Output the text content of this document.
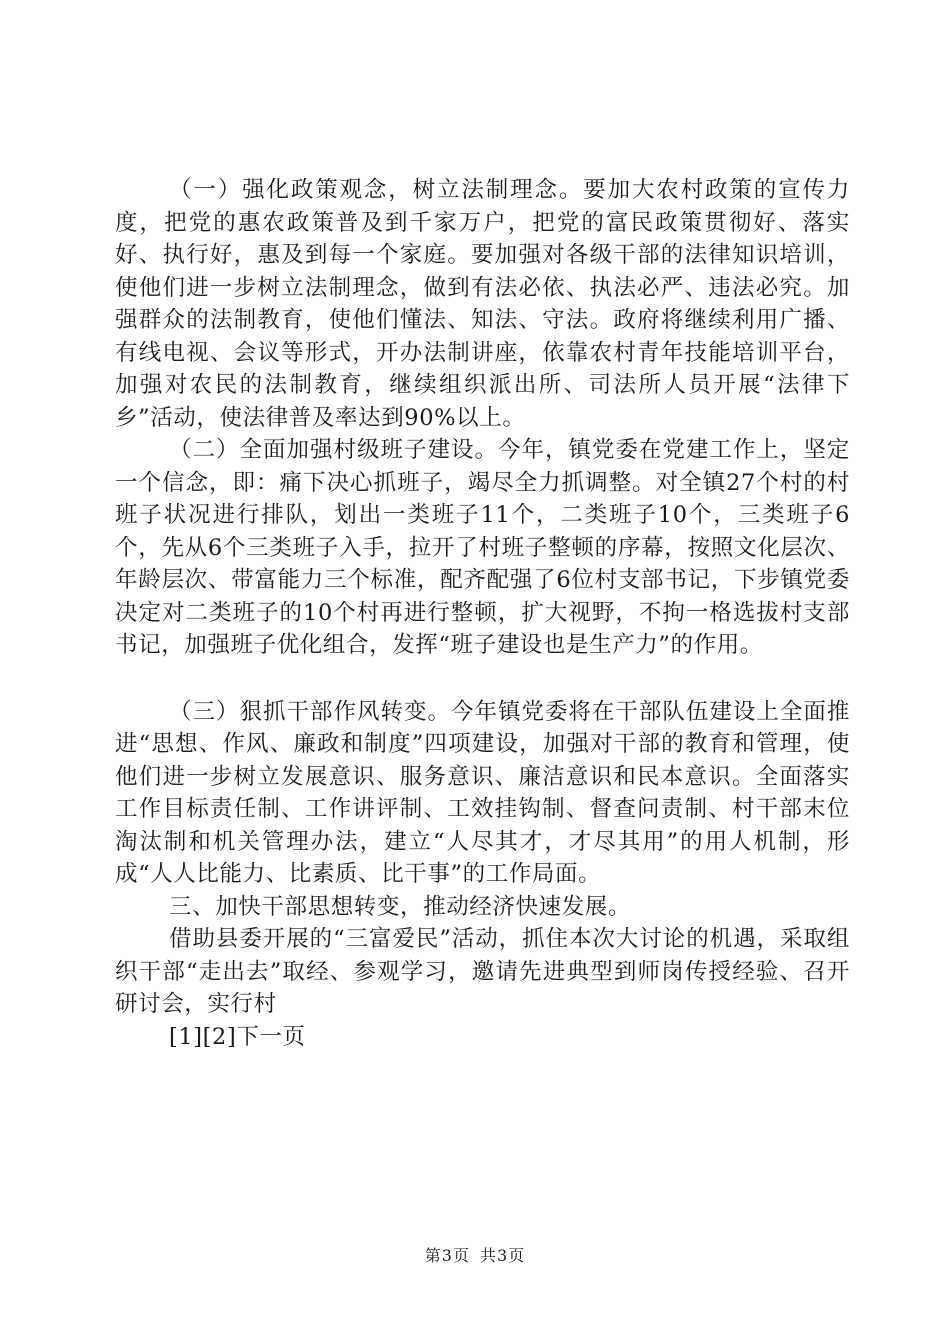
（一）强化政策观念，树立法制理念。要加大农村政策的宣传力度，把党的惠农政策普及到千家万户，把党的富民政策贯彻好、落实好、执行好，惠及到每一个家庭。要加强对各级干部的法律知识培训，使他们进一步树立法制理念，做到有法必依、执法必严、违法必究。加强群众的法制教育，使他们懂法、知法、守法。政府将继续利用广播、有线电视、会议等形式，开办法制讲座，依靠农村青年技能培训平台，加强对农民的法制教育，继续组织派出所、司法所人员开展“法律下乡”活动，使法律普及率达到90%以上。

（二）全面加强村级班子建设。今年，镇党委在党建工作上，坚定一个信念，即：痛下决心抓班子，竭尽全力抓调整。对全镇27个村的村班子状况进行排队，划出一类班子11个，二类班子10个，三类班子6个，先从6个三类班子入手，拉开了村班子整顿的序幕，按照文化层次、年龄层次、带富能力三个标准，配齐配强了6位村支部书记，下步镇党委决定对二类班子的10个村再进行整顿，扩大视野，不拘一格选拔村支部书记，加强班子优化组合，发挥“班子建设也是生产力”的作用。

（三）狠抓干部作风转变。今年镇党委将在干部队伍建设上全面推进“思想、作风、廉政和制度”四项建设，加强对干部的教育和管理，使他们进一步树立发展意识、服务意识、廉洁意识和民本意识。全面落实工作目标责任制、工作讲评制、工效挂钩制、督查问责制、村干部末位淘汰制和机关管理办法，建立“人尽其才，才尽其用”的用人机制，形成“人人比能力、比素质、比干事”的工作局面。

三、加快干部思想转变，推动经济快速发展。

借助县委开展的“三富爱民”活动，抓住本次大讨论的机遇，采取组织干部“走出去”取经、参观学习，邀请先进典型到师岗传授经验、召开研讨会，实行村

[1][2]下一页

第3页 共3页
